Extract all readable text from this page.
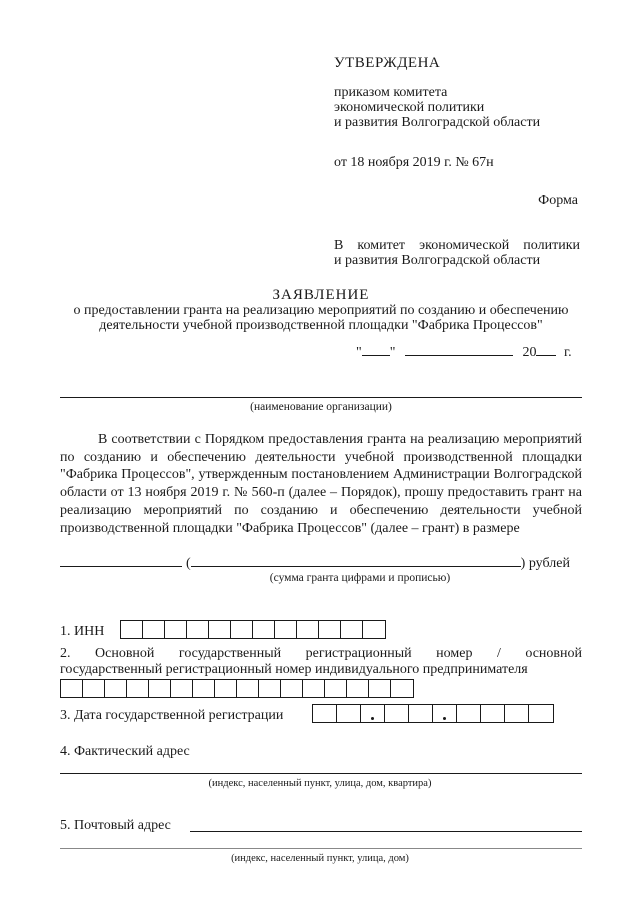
УТВЕРЖДЕНА
приказом комитета
экономической политики
и развития Волгоградской области
от 18 ноября 2019 г. № 67н
Форма
В комитет экономической политики
и развития Волгоградской области
ЗАЯВЛЕНИЕ
о предоставлении гранта на реализацию мероприятий по созданию и обеспечению
деятельности учебной производственной площадки "Фабрика Процессов"
" "	20 г.
(наименование организации)
В соответствии с Порядком предоставления гранта на реализацию мероприятий по созданию и обеспечению деятельности учебной производственной площадки "Фабрика Процессов", утвержденным постановлением Администрации Волгоградской области от 13 ноября 2019 г. № 560-п (далее – Порядок), прошу предоставить грант на реализацию мероприятий по созданию и обеспечению деятельности учебной производственной площадки "Фабрика Процессов" (далее – грант) в размере
(	) рублей
(сумма гранта цифрами и прописью)
1. ИНН
2. Основной государственный регистрационный номер / основной
государственный регистрационный номер индивидуального предпринимателя
3. Дата государственной регистрации
4. Фактический адрес
(индекс, населенный пункт, улица, дом, квартира)
5. Почтовый адрес
(индекс, населенный пункт, улица, дом)
